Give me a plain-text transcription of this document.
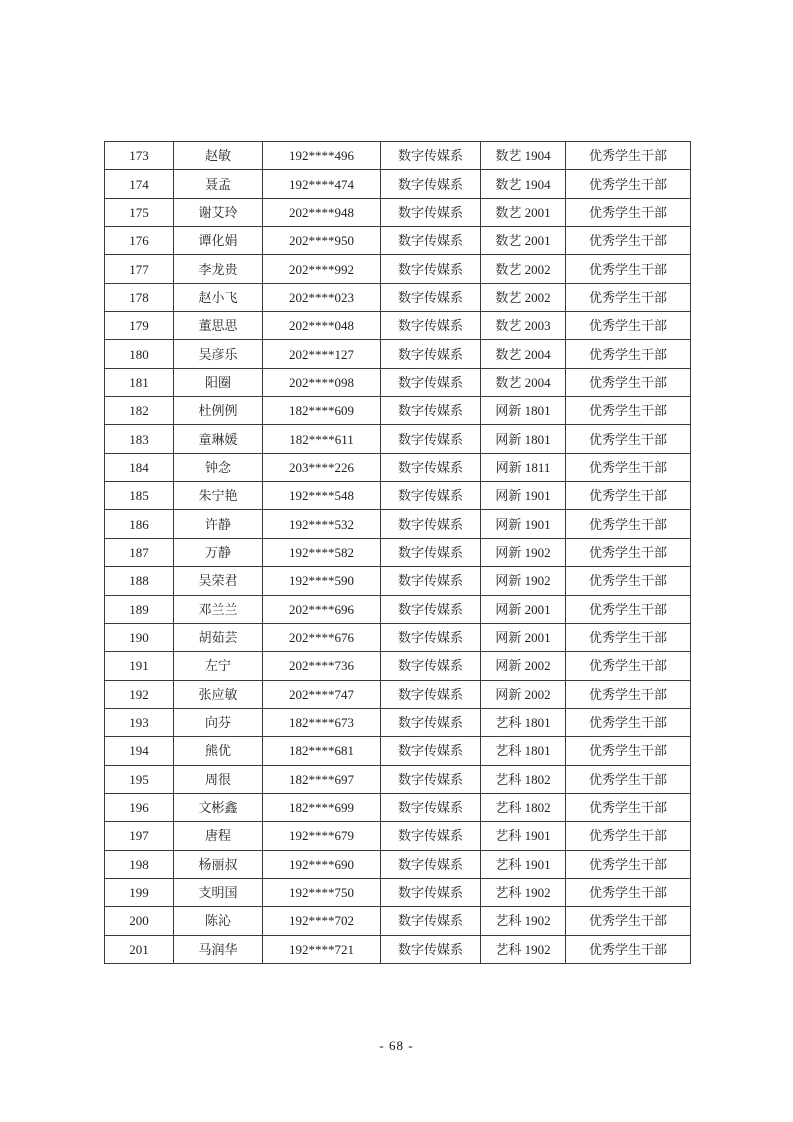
173	赵敏	192****496	数字传媒系	数艺 1904	优秀学生干部
174	聂孟	192****474	数字传媒系	数艺 1904	优秀学生干部
175	谢艾玲	202****948	数字传媒系	数艺 2001	优秀学生干部
176	谭化娟	202****950	数字传媒系	数艺 2001	优秀学生干部
177	李龙贵	202****992	数字传媒系	数艺 2002	优秀学生干部
178	赵小飞	202****023	数字传媒系	数艺 2002	优秀学生干部
179	董思思	202****048	数字传媒系	数艺 2003	优秀学生干部
180	吴彦乐	202****127	数字传媒系	数艺 2004	优秀学生干部
181	阳圈	202****098	数字传媒系	数艺 2004	优秀学生干部
182	杜例例	182****609	数字传媒系	网新 1801	优秀学生干部
183	童琳媛	182****611	数字传媒系	网新 1801	优秀学生干部
184	钟念	203****226	数字传媒系	网新 1811	优秀学生干部
185	朱宁艳	192****548	数字传媒系	网新 1901	优秀学生干部
186	许静	192****532	数字传媒系	网新 1901	优秀学生干部
187	万静	192****582	数字传媒系	网新 1902	优秀学生干部
188	吴荣君	192****590	数字传媒系	网新 1902	优秀学生干部
189	邓兰兰	202****696	数字传媒系	网新 2001	优秀学生干部
190	胡茹芸	202****676	数字传媒系	网新 2001	优秀学生干部
191	左宁	202****736	数字传媒系	网新 2002	优秀学生干部
192	张应敏	202****747	数字传媒系	网新 2002	优秀学生干部
193	向芬	182****673	数字传媒系	艺科 1801	优秀学生干部
194	熊优	182****681	数字传媒系	艺科 1801	优秀学生干部
195	周很	182****697	数字传媒系	艺科 1802	优秀学生干部
196	文彬鑫	182****699	数字传媒系	艺科 1802	优秀学生干部
197	唐程	192****679	数字传媒系	艺科 1901	优秀学生干部
198	杨丽叔	192****690	数字传媒系	艺科 1901	优秀学生干部
199	支明国	192****750	数字传媒系	艺科 1902	优秀学生干部
200	陈沁	192****702	数字传媒系	艺科 1902	优秀学生干部
201	马润华	192****721	数字传媒系	艺科 1902	优秀学生干部
- 68 -
